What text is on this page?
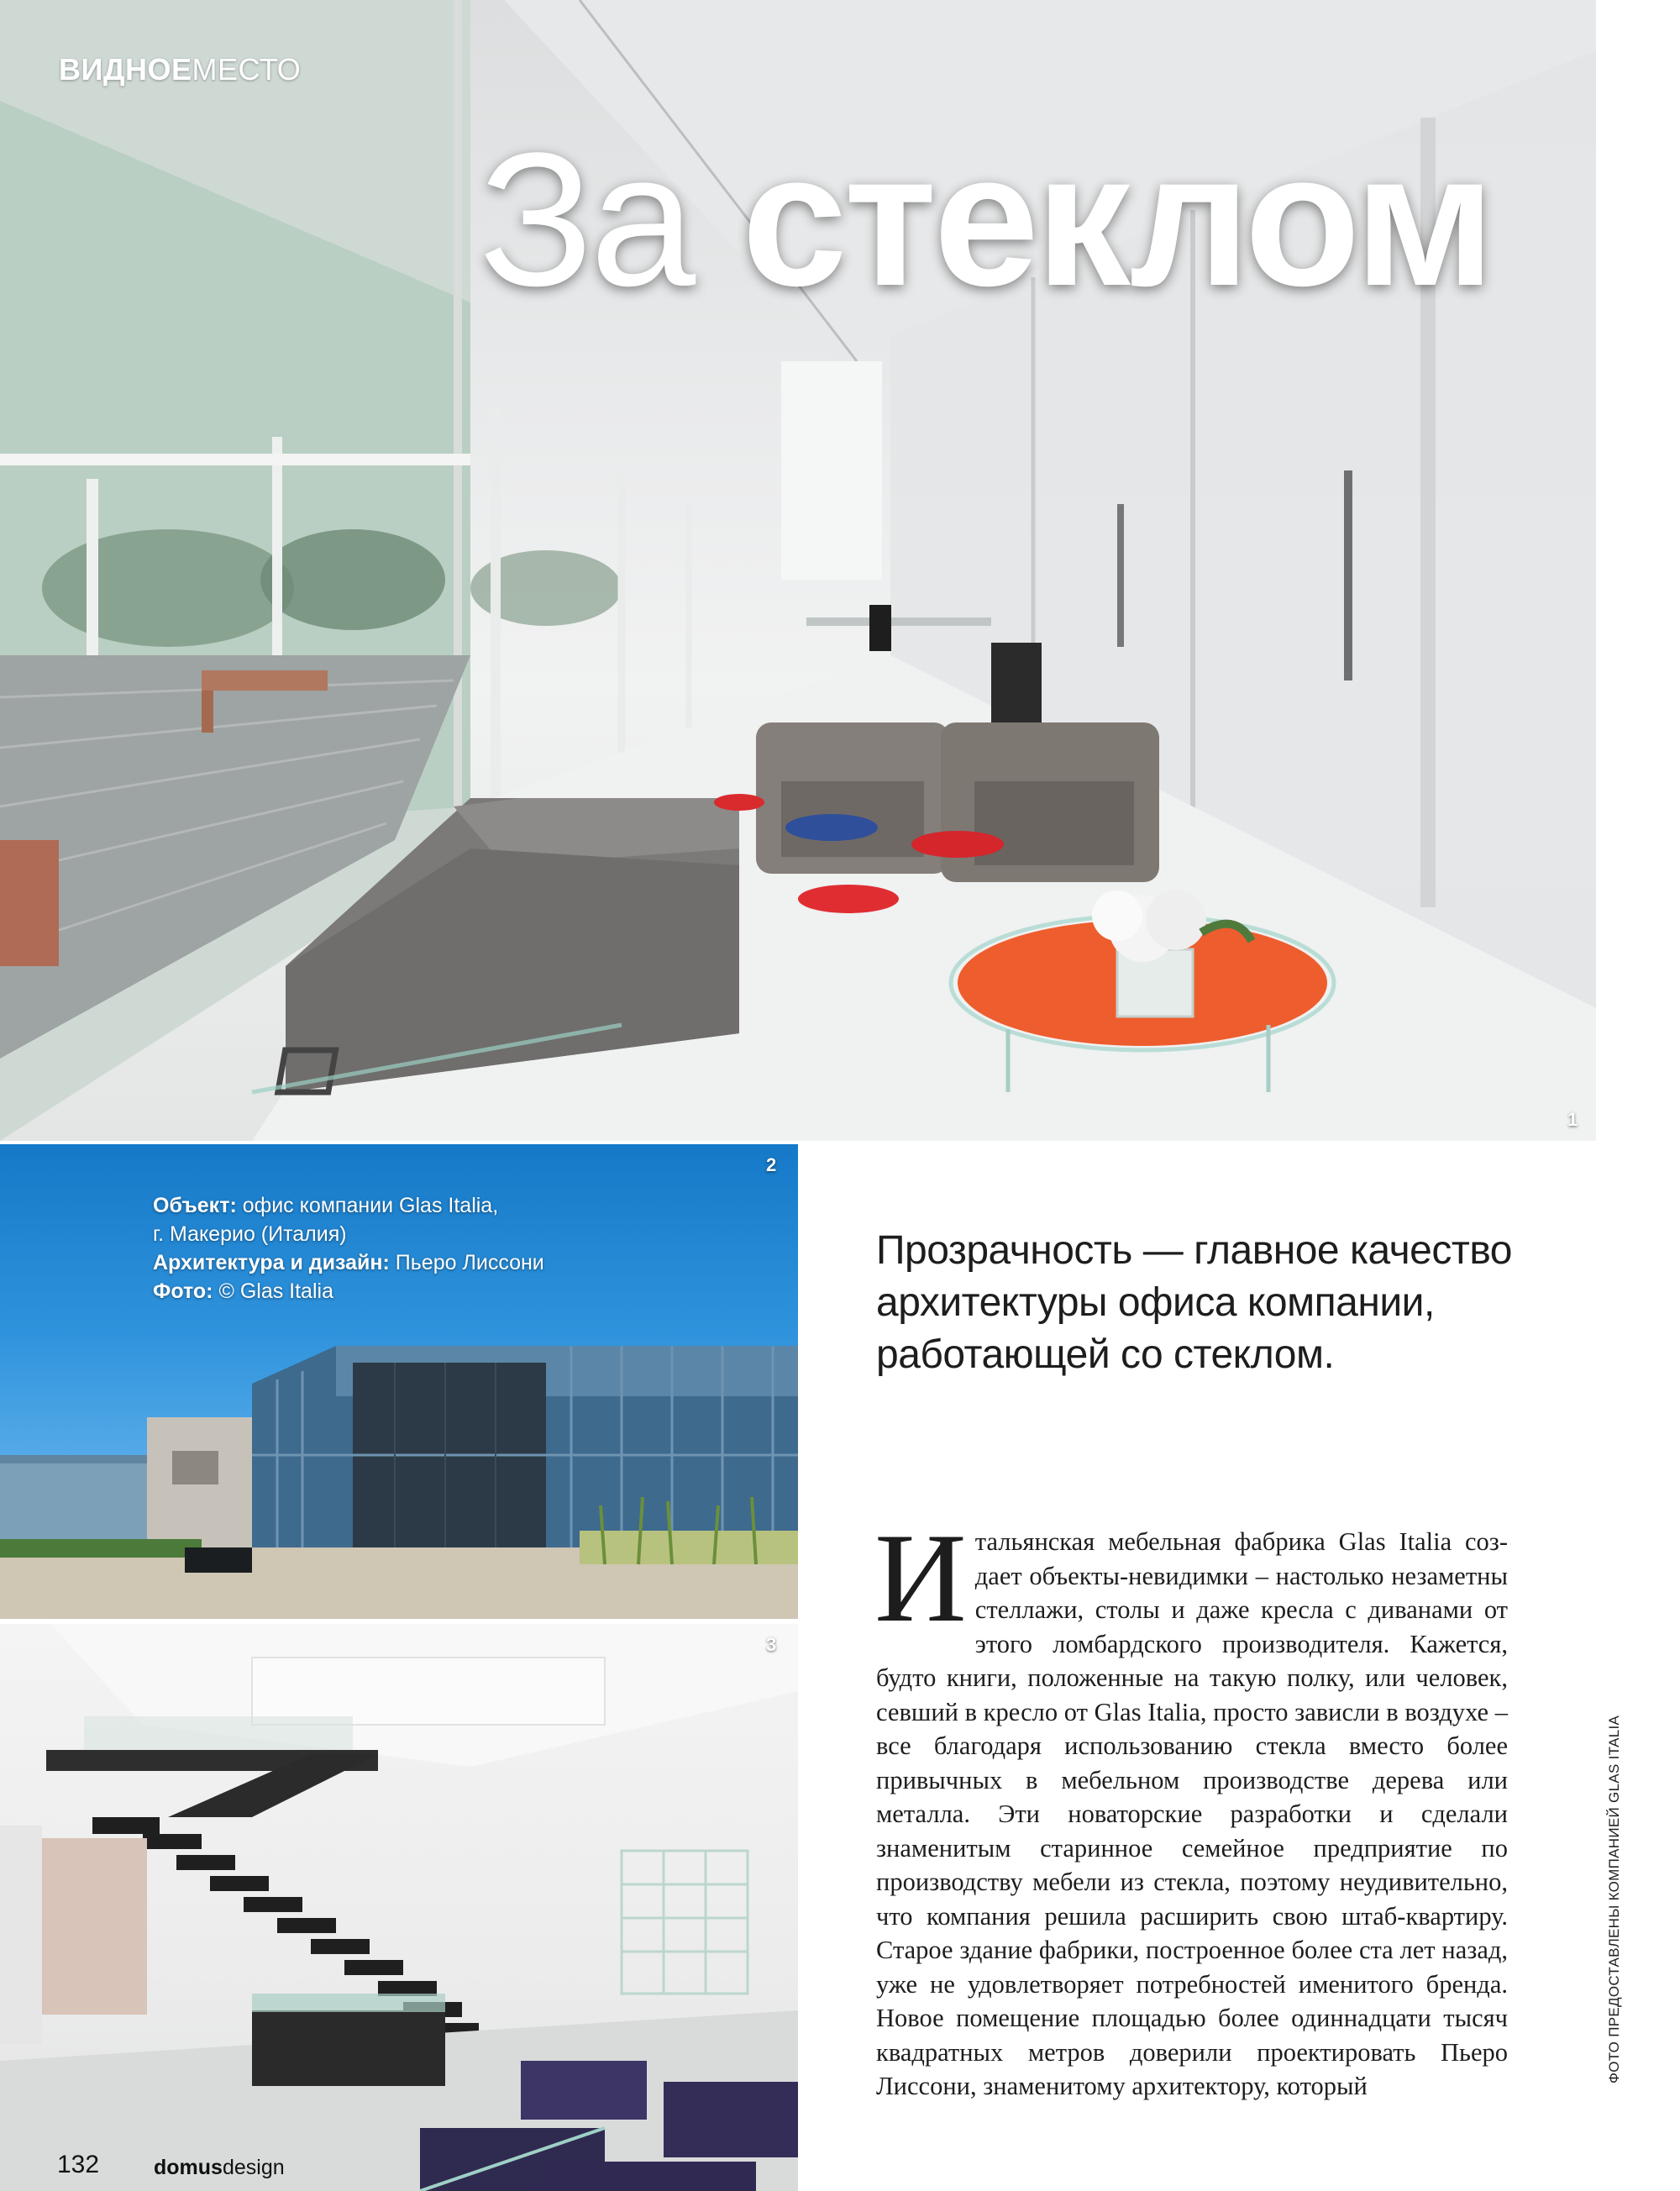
ВИДНОЕМЕСТО
За стеклом
1
2
Объект: офис компании Glas Italia,
г. Макерио (Италия)
Архитектура и дизайн: Пьеро Лиссони
Фото: © Glas Italia
3
Прозрачность — главное качество архитектуры офиса компании, работающей со стеклом.
Итальянская мебельная фабрика Glas Italia создает объекты-невидимки – настолько незаметны стеллажи, столы и даже кресла с диванами от этого ломбардского производителя. Кажется, будто книги, положенные на такую полку, или человек, севший в кресло от Glas Italia, просто зависли в воздухе – все благодаря использованию стекла вместо более привычных в мебельном производстве дерева или металла. Эти новаторские разработки и сделали знаменитым старинное семейное предприятие по производству мебели из стекла, поэтому неудивительно, что компания решила расширить свою штаб-квартиру. Старое здание фабрики, построенное более ста лет назад, уже не удовлетворяет потребностей именитого бренда. Новое помещение площадью более одиннадцати тысяч квадратных метров доверили проектировать Пьеро Лиссони, знаменитому архитектору, который
ФОТО ПРЕДОСТАВЛЕНЫ КОМПАНИЕЙ GLAS ITALIA
132	domusdesign
